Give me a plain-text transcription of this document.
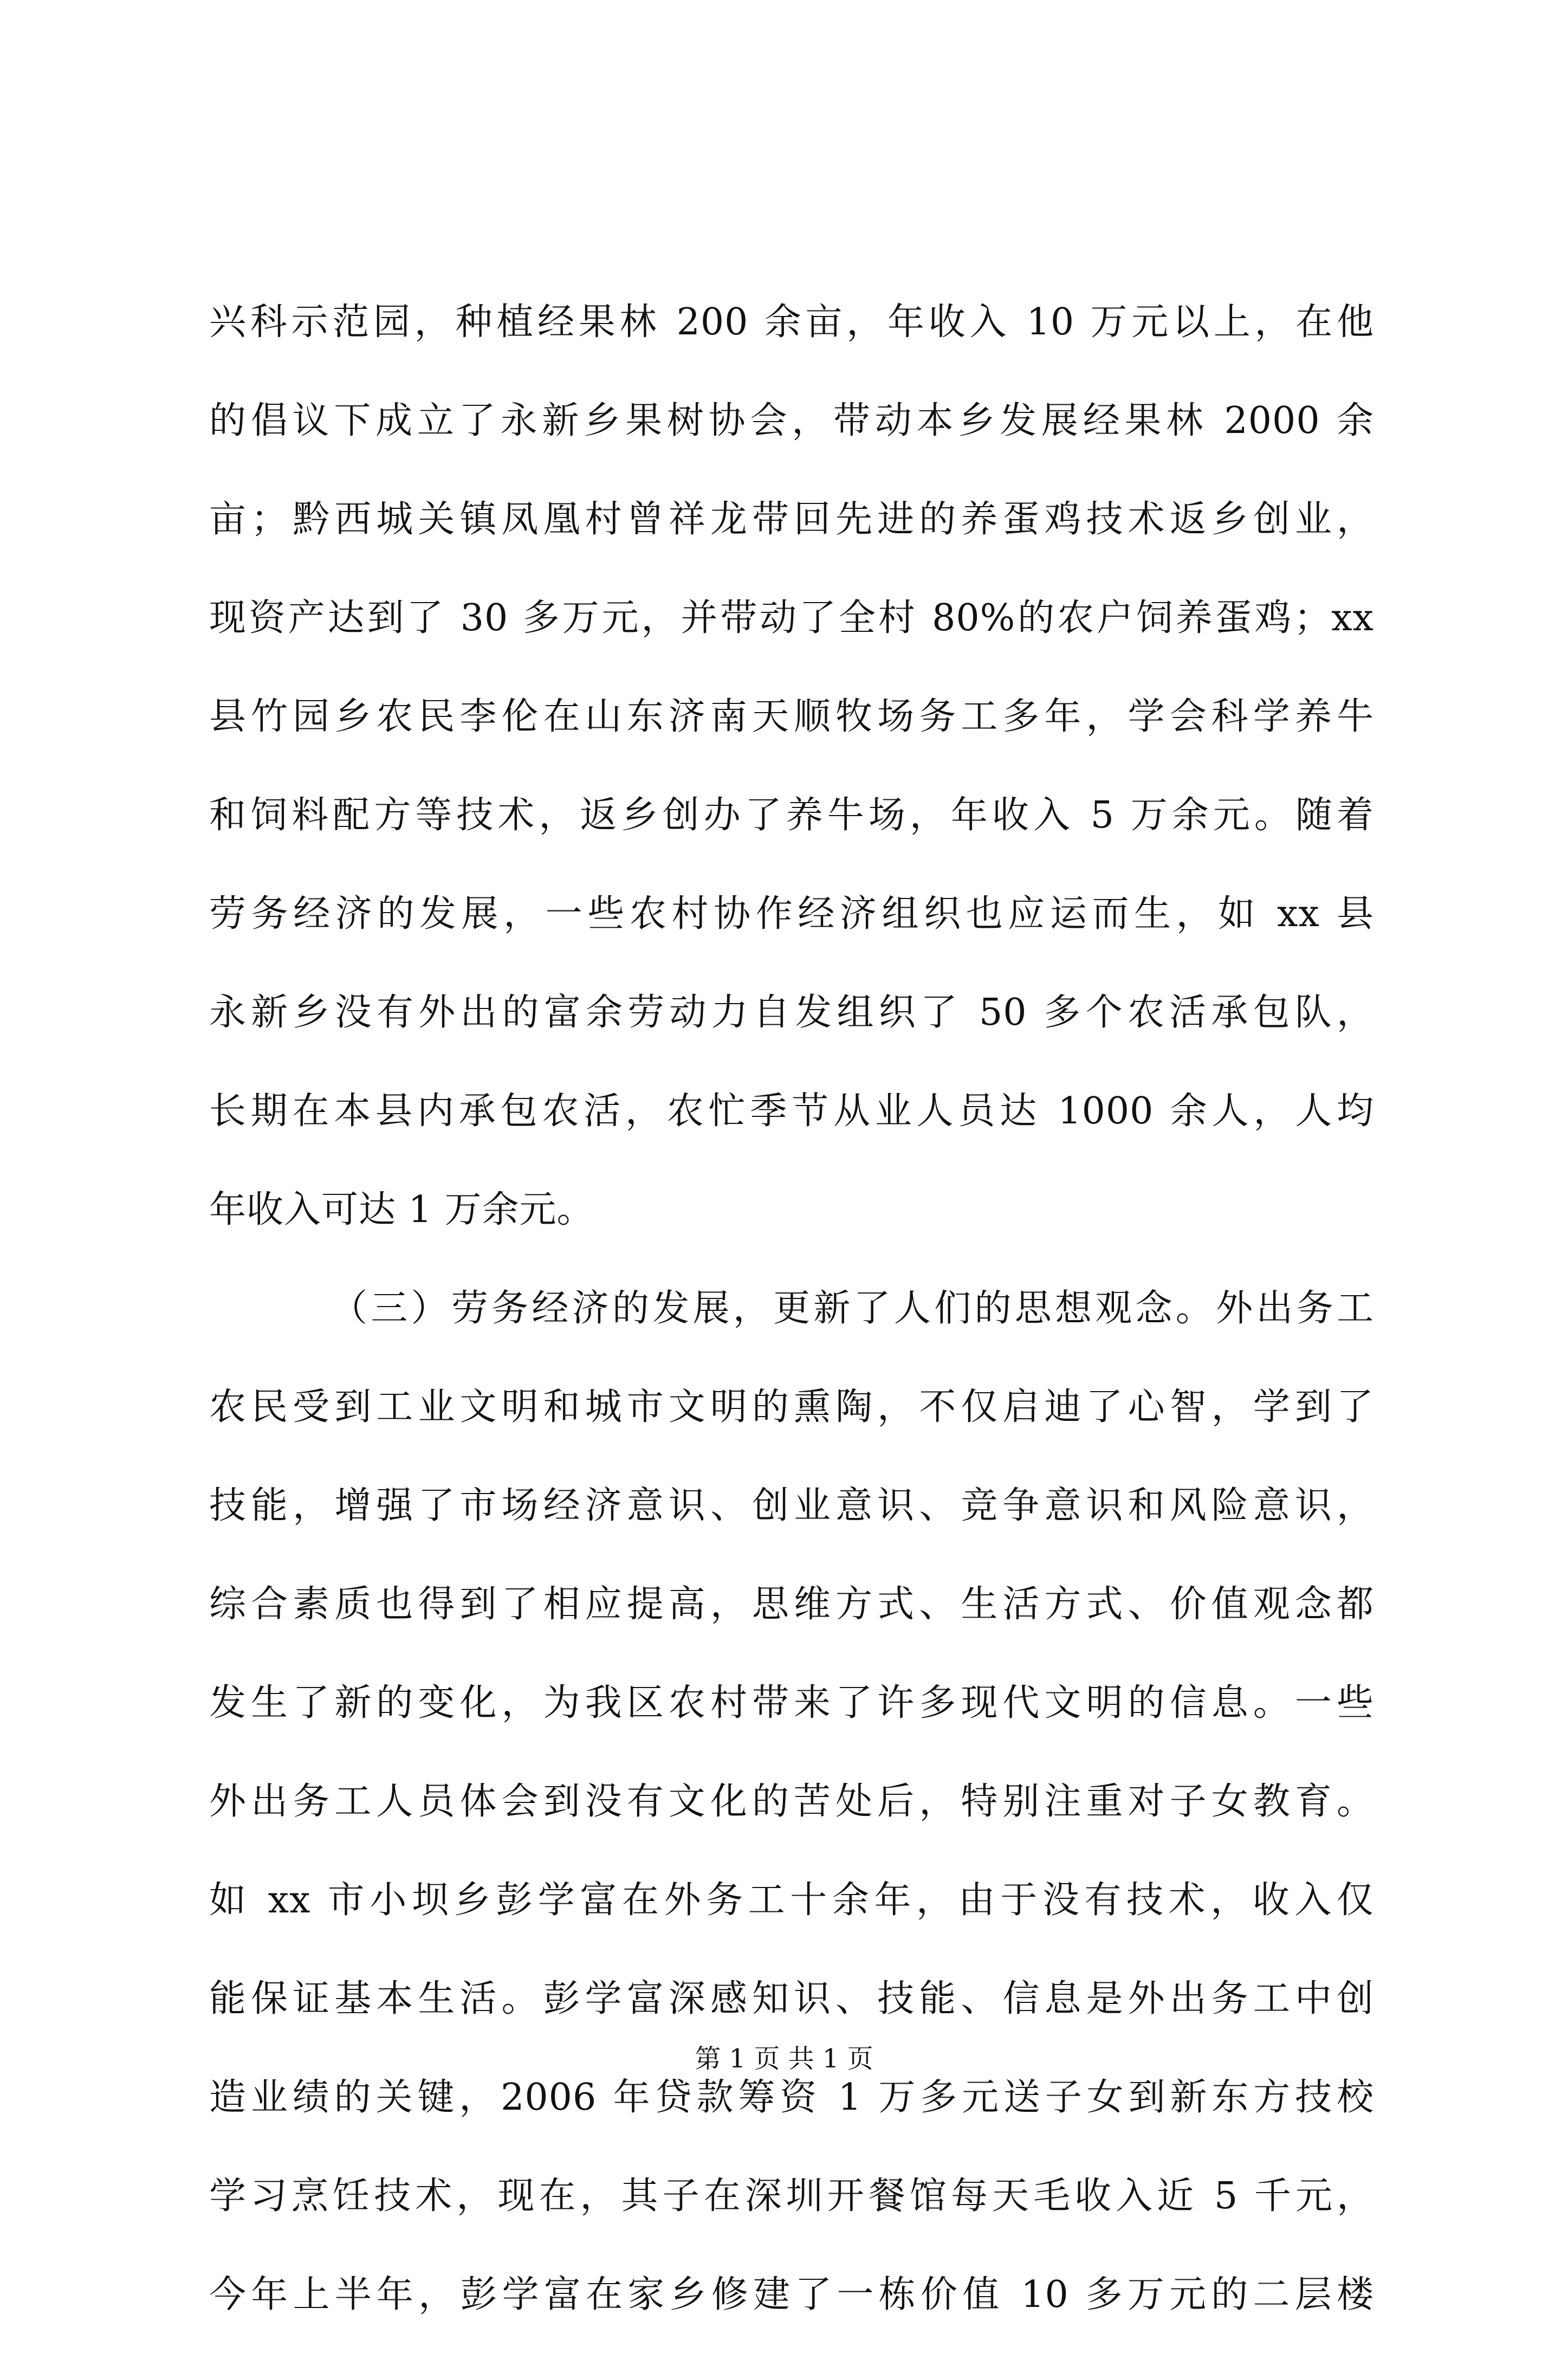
兴科示范园，种植经果林 200 余亩，年收入 10 万元以上，在他
的倡议下成立了永新乡果树协会，带动本乡发展经果林 2000 余
亩；黔西城关镇凤凰村曾祥龙带回先进的养蛋鸡技术返乡创业，
现资产达到了 30 多万元，并带动了全村 80%的农户饲养蛋鸡；xx
县竹园乡农民李伦在山东济南天顺牧场务工多年，学会科学养牛
和饲料配方等技术，返乡创办了养牛场，年收入 5 万余元。随着
劳务经济的发展，一些农村协作经济组织也应运而生，如 xx 县
永新乡没有外出的富余劳动力自发组织了 50 多个农活承包队，
长期在本县内承包农活，农忙季节从业人员达 1000 余人，人均
年收入可达 1 万余元。
（三）劳务经济的发展，更新了人们的思想观念。外出务工
农民受到工业文明和城市文明的熏陶，不仅启迪了心智，学到了
技能，增强了市场经济意识、创业意识、竞争意识和风险意识，
综合素质也得到了相应提高，思维方式、生活方式、价值观念都
发生了新的变化，为我区农村带来了许多现代文明的信息。一些
外出务工人员体会到没有文化的苦处后，特别注重对子女教育。
如 xx 市小坝乡彭学富在外务工十余年，由于没有技术，收入仅
能保证基本生活。彭学富深感知识、技能、信息是外出务工中创
造业绩的关键，2006 年贷款筹资 1 万多元送子女到新东方技校
学习烹饪技术，现在，其子在深圳开餐馆每天毛收入近 5 千元，
今年上半年，彭学富在家乡修建了一栋价值 10 多万元的二层楼
第 1 页 共 1 页
